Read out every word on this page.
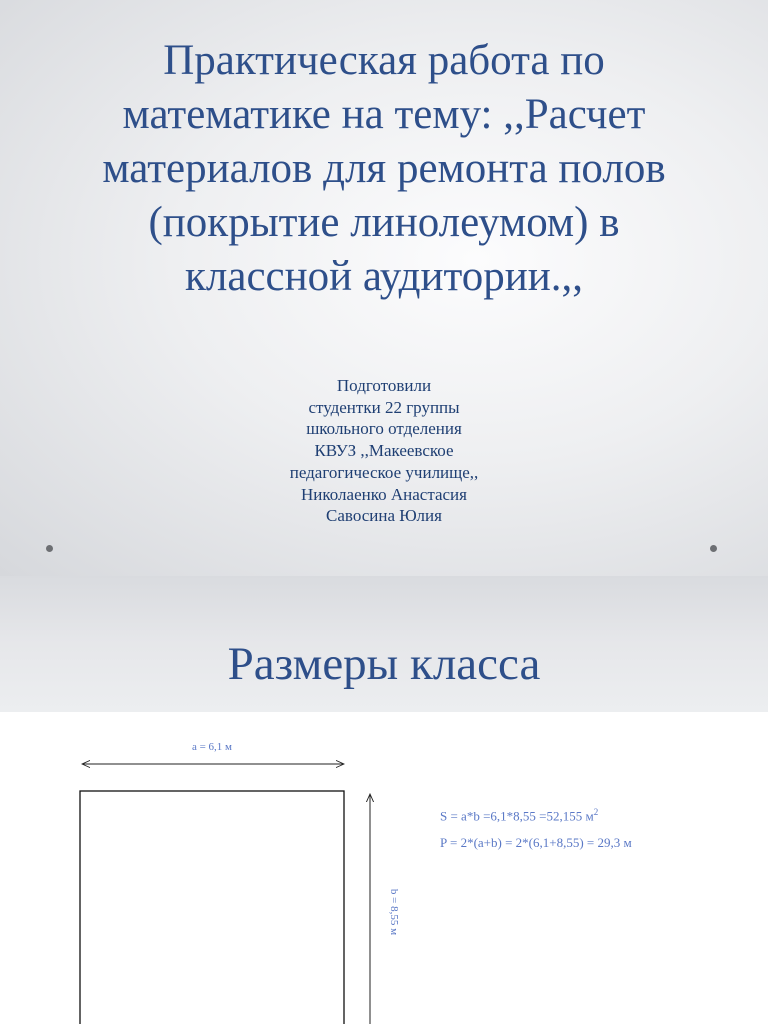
Практическая работа по
математике на тему: ,,Расчет
материалов для ремонта полов
(покрытие линолеумом) в
классной аудитории.,,
Подготовили
студентки 22 группы
школьного отделения
КВУЗ ,,Макеевское
педагогическое училище,,
Николаенко Анастасия
Савосина Юлия
Размеры класса
a = 6,1 м
b = 8,55 м
S = a*b =6,1*8,55 =52,155 $м^2$
P = 2*(a+b) = 2*(6,1+8,55) = 29,3 м
